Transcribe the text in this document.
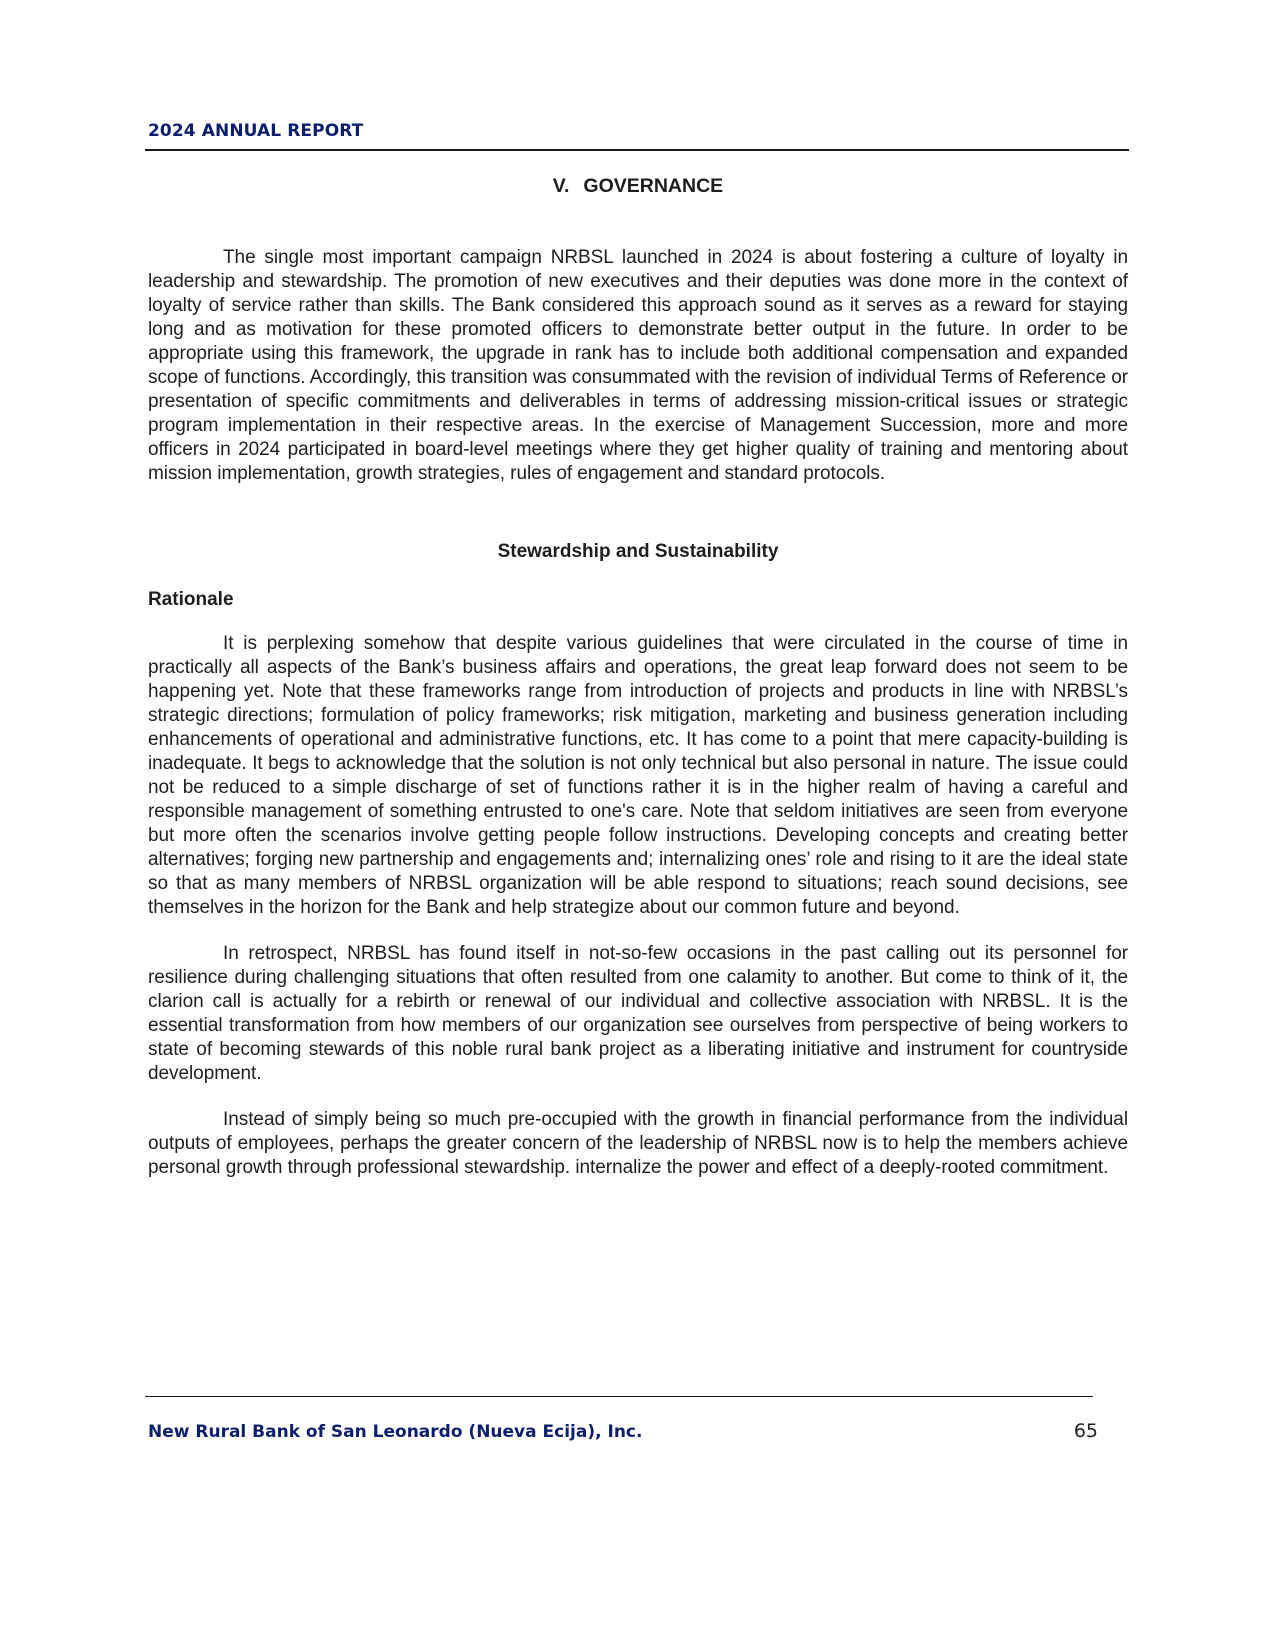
2024 ANNUAL REPORT
V. GOVERNANCE

The single most important campaign NRBSL launched in 2024 is about fostering a culture of loyalty in leadership and stewardship. The promotion of new executives and their deputies was done more in the context of loyalty of service rather than skills. The Bank considered this approach sound as it serves as a reward for staying long and as motivation for these promoted officers to demonstrate better output in the future. In order to be appropriate using this framework, the upgrade in rank has to include both additional compensation and expanded scope of functions. Accordingly, this transition was consummated with the revision of individual Terms of Reference or presentation of specific commitments and deliverables in terms of addressing mission-critical issues or strategic program implementation in their respective areas. In the exercise of Management Succession, more and more officers in 2024 participated in board-level meetings where they get higher quality of training and mentoring about mission implementation, growth strategies, rules of engagement and standard protocols.

Stewardship and Sustainability
Rationale

It is perplexing somehow that despite various guidelines that were circulated in the course of time in practically all aspects of the Bank’s business affairs and operations, the great leap forward does not seem to be happening yet. Note that these frameworks range from introduction of projects and products in line with NRBSL’s strategic directions; formulation of policy frameworks; risk mitigation, marketing and business generation including enhancements of operational and administrative functions, etc. It has come to a point that mere capacity-building is inadequate. It begs to acknowledge that the solution is not only technical but also personal in nature. The issue could not be reduced to a simple discharge of set of functions rather it is in the higher realm of having a careful and responsible management of something entrusted to one's care. Note that seldom initiatives are seen from everyone but more often the scenarios involve getting people follow instructions. Developing concepts and creating better alternatives; forging new partnership and engagements and; internalizing ones’ role and rising to it are the ideal state so that as many members of NRBSL organization will be able respond to situations; reach sound decisions, see themselves in the horizon for the Bank and help strategize about our common future and beyond.

In retrospect, NRBSL has found itself in not-so-few occasions in the past calling out its personnel for resilience during challenging situations that often resulted from one calamity to another. But come to think of it, the clarion call is actually for a rebirth or renewal of our individual and collective association with NRBSL. It is the essential transformation from how members of our organization see ourselves from perspective of being workers to state of becoming stewards of this noble rural bank project as a liberating initiative and instrument for countryside development.

Instead of simply being so much pre-occupied with the growth in financial performance from the individual outputs of employees, perhaps the greater concern of the leadership of NRBSL now is to help the members achieve personal growth through professional stewardship. internalize the power and effect of a deeply-rooted commitment.

New Rural Bank of San Leonardo (Nueva Ecija), Inc.	65
